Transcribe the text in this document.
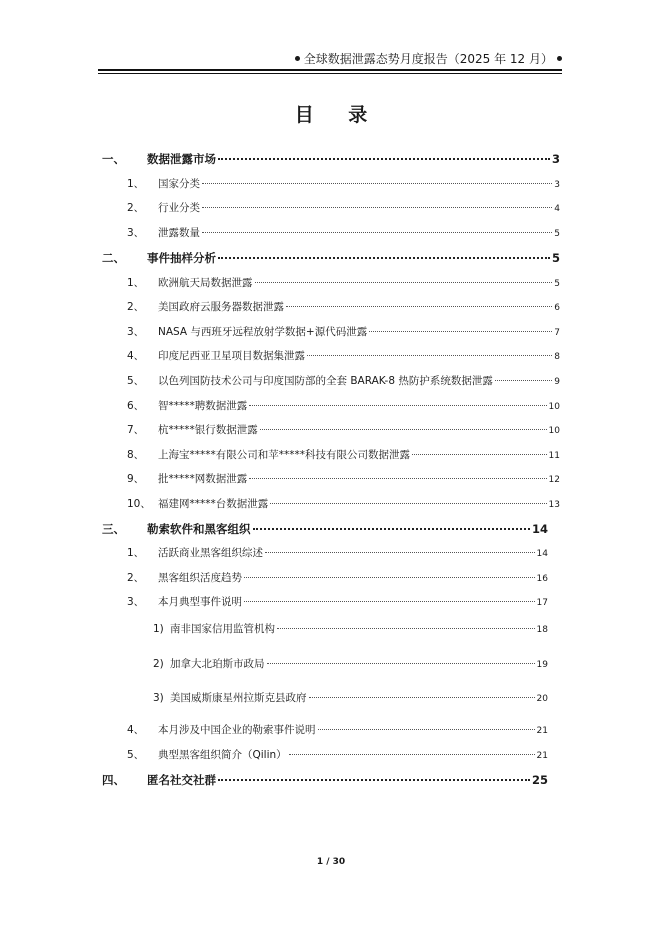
全球数据泄露态势月度报告（2025 年 12 月）
目 录
一、	数据泄露市场	3
1、	国家分类	3
2、	行业分类	4
3、	泄露数量	5
二、	事件抽样分析	5
1、	欧洲航天局数据泄露	5
2、	美国政府云服务器数据泄露	6
3、	NASA 与西班牙远程放射学数据+源代码泄露	7
4、	印度尼西亚卫星项目数据集泄露	8
5、	以色列国防技术公司与印度国防部的全套 BARAK-8 热防护系统数据泄露	9
6、	智*****聘数据泄露	10
7、	杭*****银行数据泄露	10
8、	上海宝*****有限公司和苹*****科技有限公司数据泄露	11
9、	批*****网数据泄露	12
10、 福建网*****台数据泄露	13
三、	勒索软件和黑客组织	14
1、	活跃商业黑客组织综述	14
2、	黑客组织活度趋势	16
3、	本月典型事件说明	17
1) 南非国家信用监管机构	18
2) 加拿大北珀斯市政局	19
3) 美国威斯康星州拉斯克县政府	20
4、	本月涉及中国企业的勒索事件说明	21
5、	典型黑客组织简介（Qilin）	21
四、	匿名社交社群	25
1 / 30
